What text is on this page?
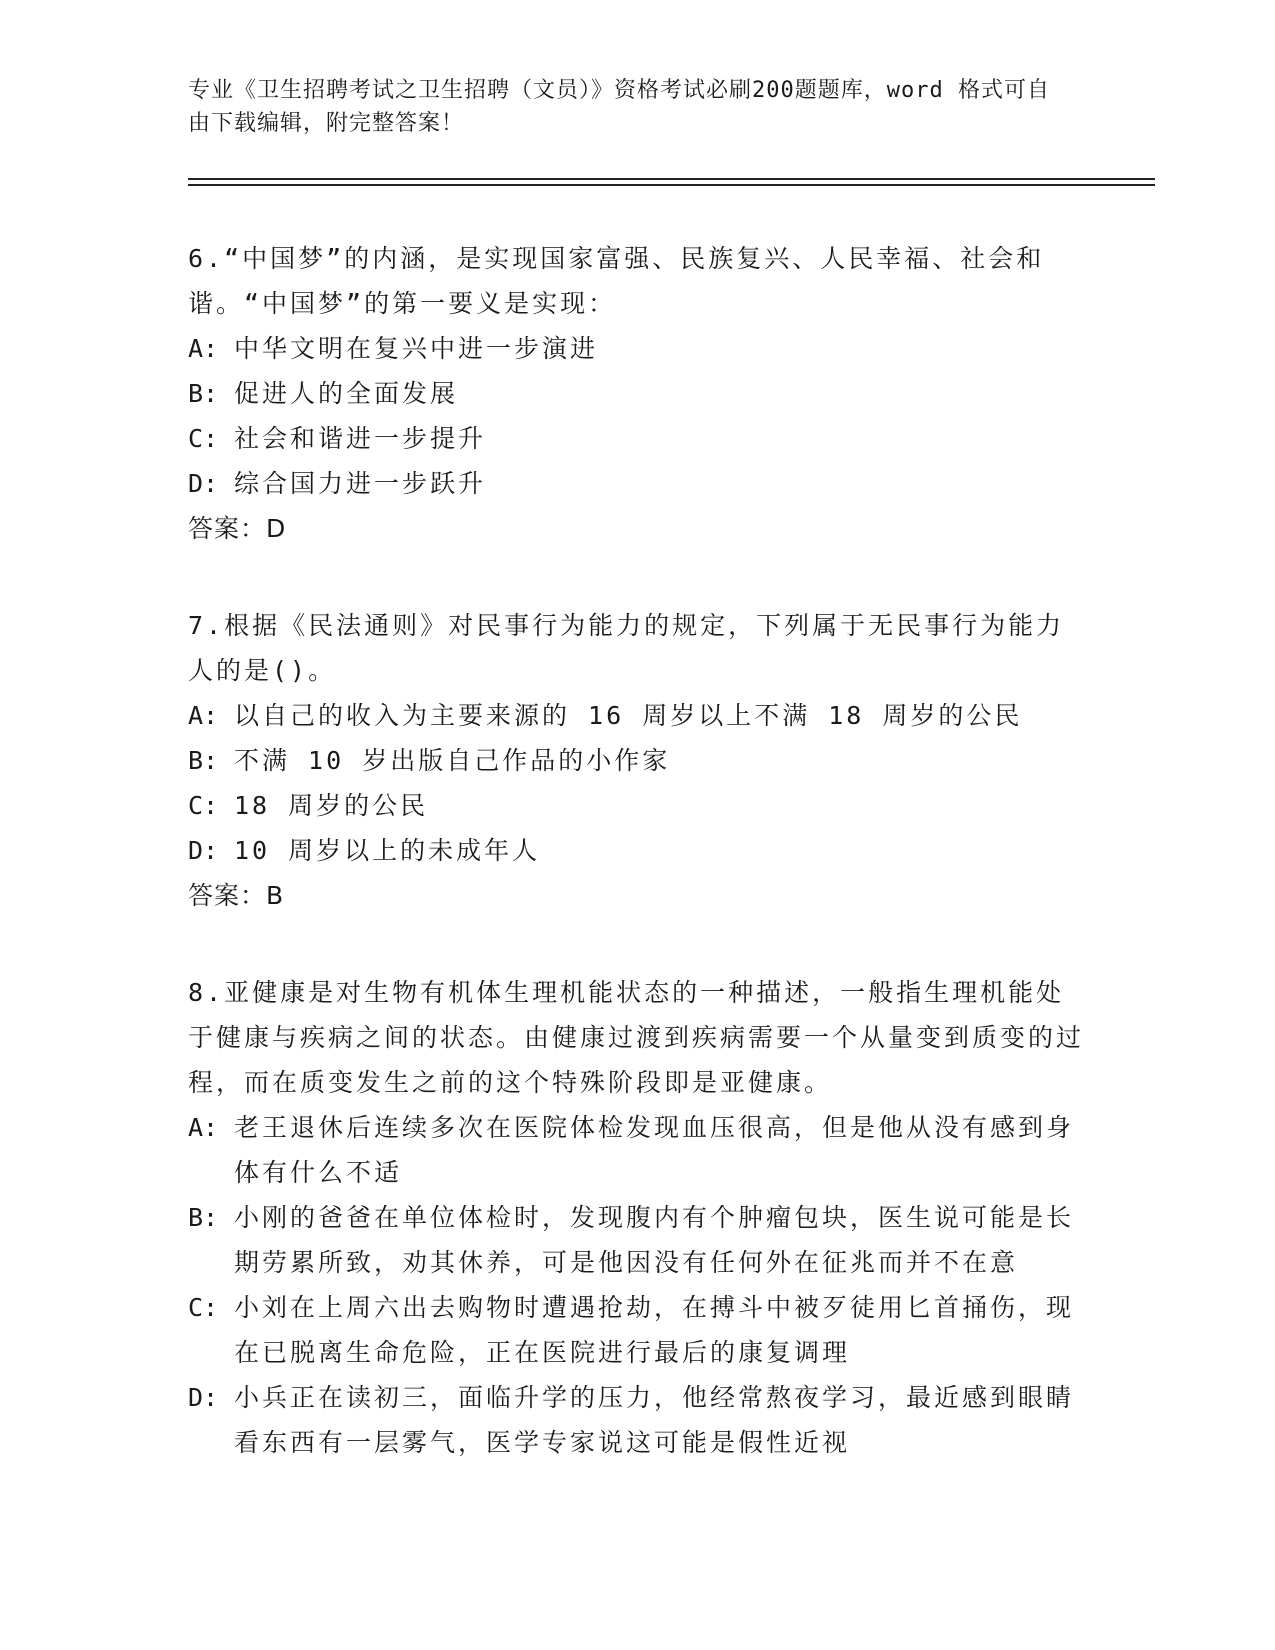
专业《卫生招聘考试之卫生招聘（文员）》资格考试必刷200题题库，word 格式可自由下载编辑，附完整答案！

6.“中国梦”的内涵，是实现国家富强、民族复兴、人民幸福、社会和谐。“中国梦”的第一要义是实现：

A: 中华文明在复兴中进一步演进
B: 促进人的全面发展
C: 社会和谐进一步提升
D: 综合国力进一步跃升

答案：D

7.根据《民法通则》对民事行为能力的规定，下列属于无民事行为能力人的是()。

A: 以自己的收入为主要来源的 16 周岁以上不满 18 周岁的公民
B: 不满 10 岁出版自己作品的小作家
C: 18 周岁的公民
D: 10 周岁以上的未成年人

答案：B

8.亚健康是对生物有机体生理机能状态的一种描述，一般指生理机能处于健康与疾病之间的状态。由健康过渡到疾病需要一个从量变到质变的过程，而在质变发生之前的这个特殊阶段即是亚健康。

A: 老王退休后连续多次在医院体检发现血压很高，但是他从没有感到身体有什么不适
B: 小刚的爸爸在单位体检时，发现腹内有个肿瘤包块，医生说可能是长期劳累所致，劝其休养，可是他因没有任何外在征兆而并不在意
C: 小刘在上周六出去购物时遭遇抢劫，在搏斗中被歹徒用匕首捅伤，现在已脱离生命危险，正在医院进行最后的康复调理
D: 小兵正在读初三，面临升学的压力，他经常熬夜学习，最近感到眼睛看东西有一层雾气，医学专家说这可能是假性近视
